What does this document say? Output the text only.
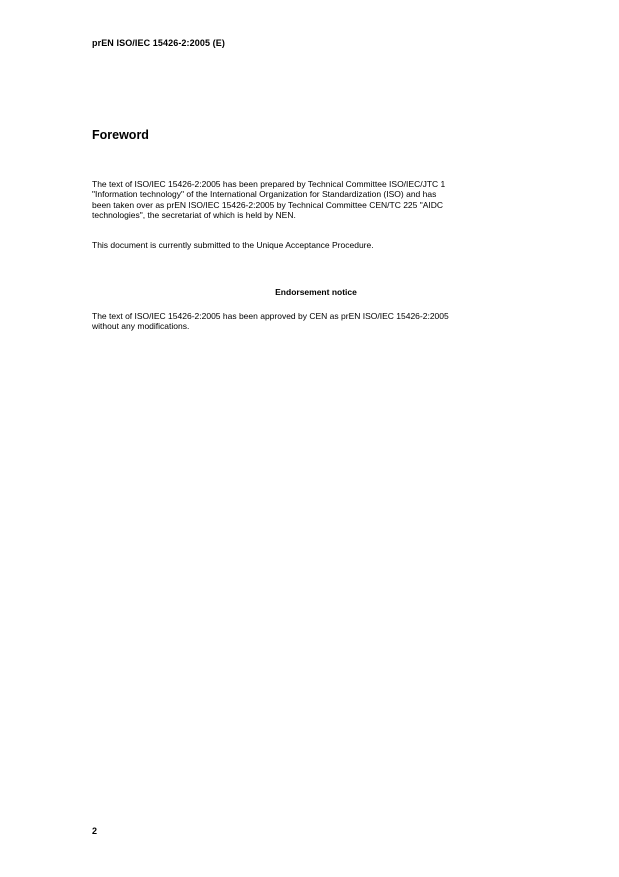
prEN ISO/IEC 15426-2:2005 (E)
Foreword

The text of ISO/IEC 15426-2:2005 has been prepared by Technical Committee ISO/IEC/JTC 1
"Information technology" of the International Organization for Standardization (ISO) and has
been taken over as prEN ISO/IEC 15426-2:2005 by Technical Committee CEN/TC 225 "AIDC
technologies", the secretariat of which is held by NEN.

This document is currently submitted to the Unique Acceptance Procedure.

Endorsement notice

The text of ISO/IEC 15426-2:2005 has been approved by CEN as prEN ISO/IEC 15426-2:2005
without any modifications.

2
